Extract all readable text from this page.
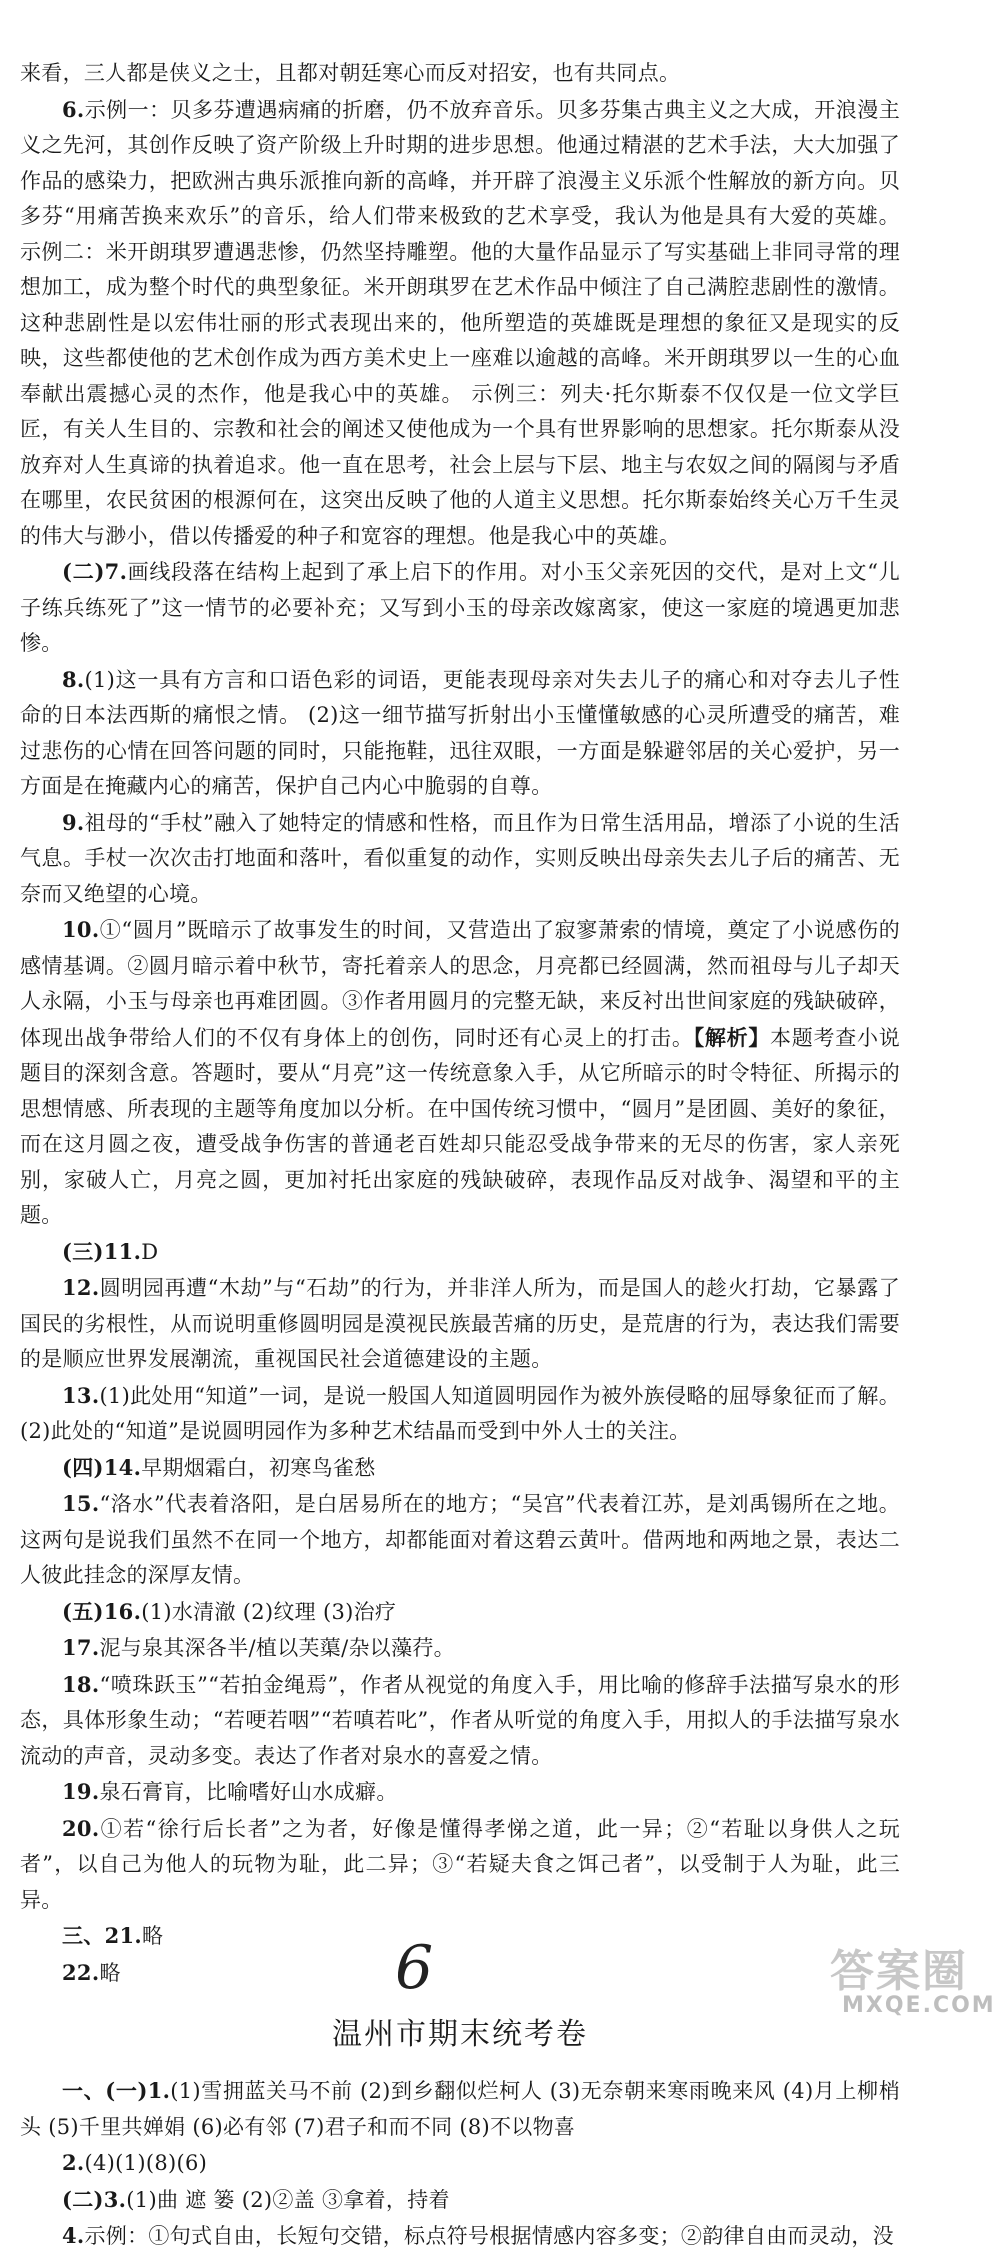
来看，三人都是侠义之士，且都对朝廷寒心而反对招安，也有共同点。

6.示例一：贝多芬遭遇病痛的折磨，仍不放弃音乐。贝多芬集古典主义之大成，开浪漫主义之先河，其创作反映了资产阶级上升时期的进步思想。他通过精湛的艺术手法，大大加强了作品的感染力，把欧洲古典乐派推向新的高峰，并开辟了浪漫主义乐派个性解放的新方向。贝多芬“用痛苦换来欢乐”的音乐，给人们带来极致的艺术享受，我认为他是具有大爱的英雄。 示例二：米开朗琪罗遭遇悲惨，仍然坚持雕塑。他的大量作品显示了写实基础上非同寻常的理想加工，成为整个时代的典型象征。米开朗琪罗在艺术作品中倾注了自己满腔悲剧性的激情。这种悲剧性是以宏伟壮丽的形式表现出来的，他所塑造的英雄既是理想的象征又是现实的反映，这些都使他的艺术创作成为西方美术史上一座难以逾越的高峰。米开朗琪罗以一生的心血奉献出震撼心灵的杰作，他是我心中的英雄。 示例三：列夫·托尔斯泰不仅仅是一位文学巨匠，有关人生目的、宗教和社会的阐述又使他成为一个具有世界影响的思想家。托尔斯泰从没放弃对人生真谛的执着追求。他一直在思考，社会上层与下层、地主与农奴之间的隔阂与矛盾在哪里，农民贫困的根源何在，这突出反映了他的人道主义思想。托尔斯泰始终关心万千生灵的伟大与渺小，借以传播爱的种子和宽容的理想。他是我心中的英雄。

(二)7.画线段落在结构上起到了承上启下的作用。对小玉父亲死因的交代，是对上文“儿子练兵练死了”这一情节的必要补充；又写到小玉的母亲改嫁离家，使这一家庭的境遇更加悲惨。

8.(1)这一具有方言和口语色彩的词语，更能表现母亲对失去儿子的痛心和对夺去儿子性命的日本法西斯的痛恨之情。 (2)这一细节描写折射出小玉懂懂敏感的心灵所遭受的痛苦，难过悲伤的心情在回答问题的同时，只能拖鞋，迅往双眼，一方面是躲避邻居的关心爱护，另一方面是在掩藏内心的痛苦，保护自己内心中脆弱的自尊。

9.祖母的“手杖”融入了她特定的情感和性格，而且作为日常生活用品，增添了小说的生活气息。手杖一次次击打地面和落叶，看似重复的动作，实则反映出母亲失去儿子后的痛苦、无奈而又绝望的心境。

10.①“圆月”既暗示了故事发生的时间，又营造出了寂寥萧索的情境，奠定了小说感伤的感情基调。②圆月暗示着中秋节，寄托着亲人的思念，月亮都已经圆满，然而祖母与儿子却天人永隔，小玉与母亲也再难团圆。③作者用圆月的完整无缺，来反衬出世间家庭的残缺破碎，体现出战争带给人们的不仅有身体上的创伤，同时还有心灵上的打击。【解析】本题考查小说题目的深刻含意。答题时，要从“月亮”这一传统意象入手，从它所暗示的时令特征、所揭示的思想情感、所表现的主题等角度加以分析。在中国传统习惯中，“圆月”是团圆、美好的象征，而在这月圆之夜，遭受战争伤害的普通老百姓却只能忍受战争带来的无尽的伤害，家人亲死别，家破人亡，月亮之圆，更加衬托出家庭的残缺破碎，表现作品反对战争、渴望和平的主题。

(三)11.D

12.圆明园再遭“木劫”与“石劫”的行为，并非洋人所为，而是国人的趁火打劫，它暴露了国民的劣根性，从而说明重修圆明园是漠视民族最苦痛的历史，是荒唐的行为，表达我们需要的是顺应世界发展潮流，重视国民社会道德建设的主题。

13.(1)此处用“知道”一词，是说一般国人知道圆明园作为被外族侵略的屈辱象征而了解。(2)此处的“知道”是说圆明园作为多种艺术结晶而受到中外人士的关注。

(四)14.早期烟霜白，初寒鸟雀愁

15.“洛水”代表着洛阳，是白居易所在的地方；“吴宫”代表着江苏，是刘禹锡所在之地。这两句是说我们虽然不在同一个地方，却都能面对着这碧云黄叶。借两地和两地之景，表达二人彼此挂念的深厚友情。

(五)16.(1)水清澈 (2)纹理 (3)治疗

17.泥与泉其深各半/植以芙蕖/杂以藻荇。

18.“喷珠跃玉”“若拍金绳焉”，作者从视觉的角度入手，用比喻的修辞手法描写泉水的形态，具体形象生动；“若哽若咽”“若嗔若叱”，作者从听觉的角度入手，用拟人的手法描写泉水流动的声音，灵动多变。表达了作者对泉水的喜爱之情。

19.泉石膏肓，比喻嗜好山水成癖。

20.①若“徐行后长者”之为者，好像是懂得孝悌之道，此一异；②“若耻以身供人之玩者”，以自己为他人的玩物为耻，此二异；③“若疑夫食之饵己者”，以受制于人为耻，此三异。

三、21.略

22.略

温州市期末统考卷

一、(一)1.(1)雪拥蓝关马不前 (2)到乡翻似烂柯人 (3)无奈朝来寒雨晚来风 (4)月上柳梢头 (5)千里共婵娟 (6)必有邻 (7)君子和而不同 (8)不以物喜

2.(4)(1)(8)(6)

(二)3.(1)曲 遮 篓 (2)②盖 ③拿着，持着

4.示例：①句式自由，长短句交错，标点符号根据情感内容多变；②韵律自由而灵动，没

6	答案圈
MXQE.COM
